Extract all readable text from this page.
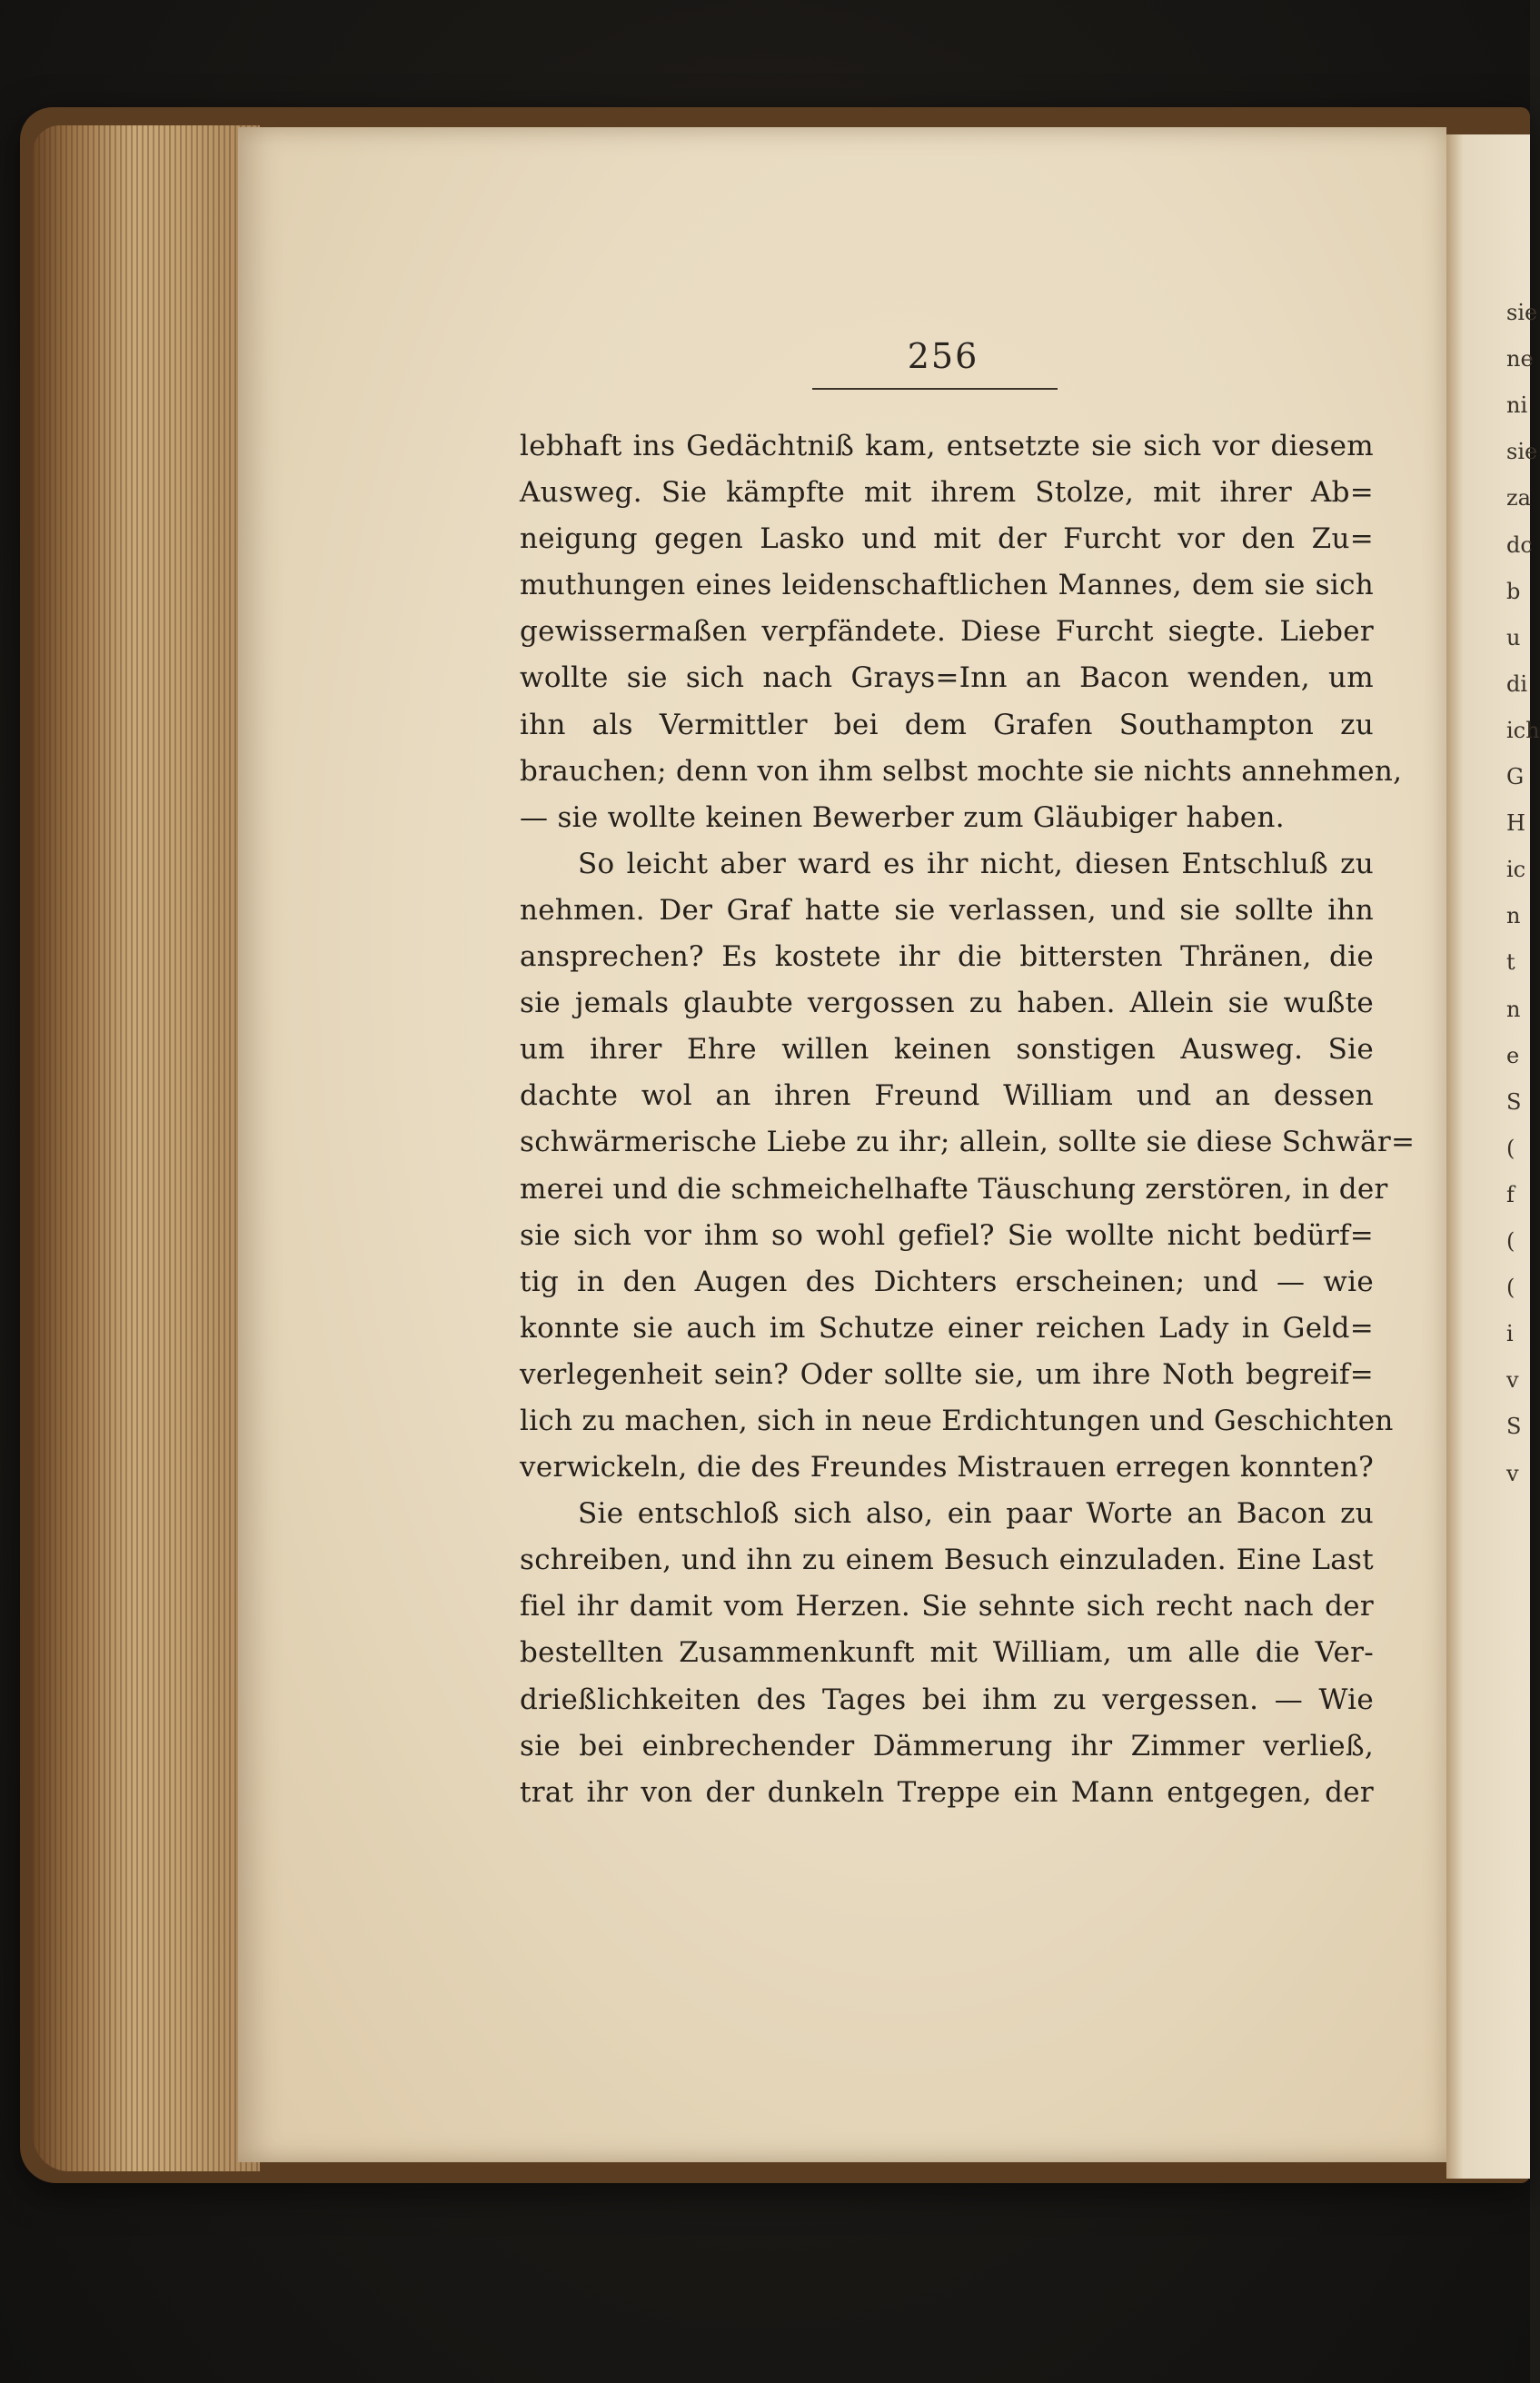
sie
ne
ni
sie
za
dc
b
u
di
ich
G
H
ic
n
t
n
e
S
(
f
(
(
i
v
S
v
256
lebhaft ins Gedächtniß kam, entsetzte sie sich vor diesem
Ausweg. Sie kämpfte mit ihrem Stolze, mit ihrer Ab=
neigung gegen Lasko und mit der Furcht vor den Zu=
muthungen eines leidenschaftlichen Mannes, dem sie sich
gewissermaßen verpfändete. Diese Furcht siegte. Lieber
wollte sie sich nach Grays=Inn an Bacon wenden, um
ihn als Vermittler bei dem Grafen Southampton zu
brauchen; denn von ihm selbst mochte sie nichts annehmen,
— sie wollte keinen Bewerber zum Gläubiger haben.
So leicht aber ward es ihr nicht, diesen Entschluß zu
nehmen. Der Graf hatte sie verlassen, und sie sollte ihn
ansprechen? Es kostete ihr die bittersten Thränen, die
sie jemals glaubte vergossen zu haben. Allein sie wußte
um ihrer Ehre willen keinen sonstigen Ausweg. Sie
dachte wol an ihren Freund William und an dessen
schwärmerische Liebe zu ihr; allein, sollte sie diese Schwär=
merei und die schmeichelhafte Täuschung zerstören, in der
sie sich vor ihm so wohl gefiel? Sie wollte nicht bedürf=
tig in den Augen des Dichters erscheinen; und — wie
konnte sie auch im Schutze einer reichen Lady in Geld=
verlegenheit sein? Oder sollte sie, um ihre Noth begreif=
lich zu machen, sich in neue Erdichtungen und Geschichten
verwickeln, die des Freundes Mistrauen erregen konnten?
Sie entschloß sich also, ein paar Worte an Bacon zu
schreiben, und ihn zu einem Besuch einzuladen. Eine Last
fiel ihr damit vom Herzen. Sie sehnte sich recht nach der
bestellten Zusammenkunft mit William, um alle die Ver-
drießlichkeiten des Tages bei ihm zu vergessen. — Wie
sie bei einbrechender Dämmerung ihr Zimmer verließ,
trat ihr von der dunkeln Treppe ein Mann entgegen, der
